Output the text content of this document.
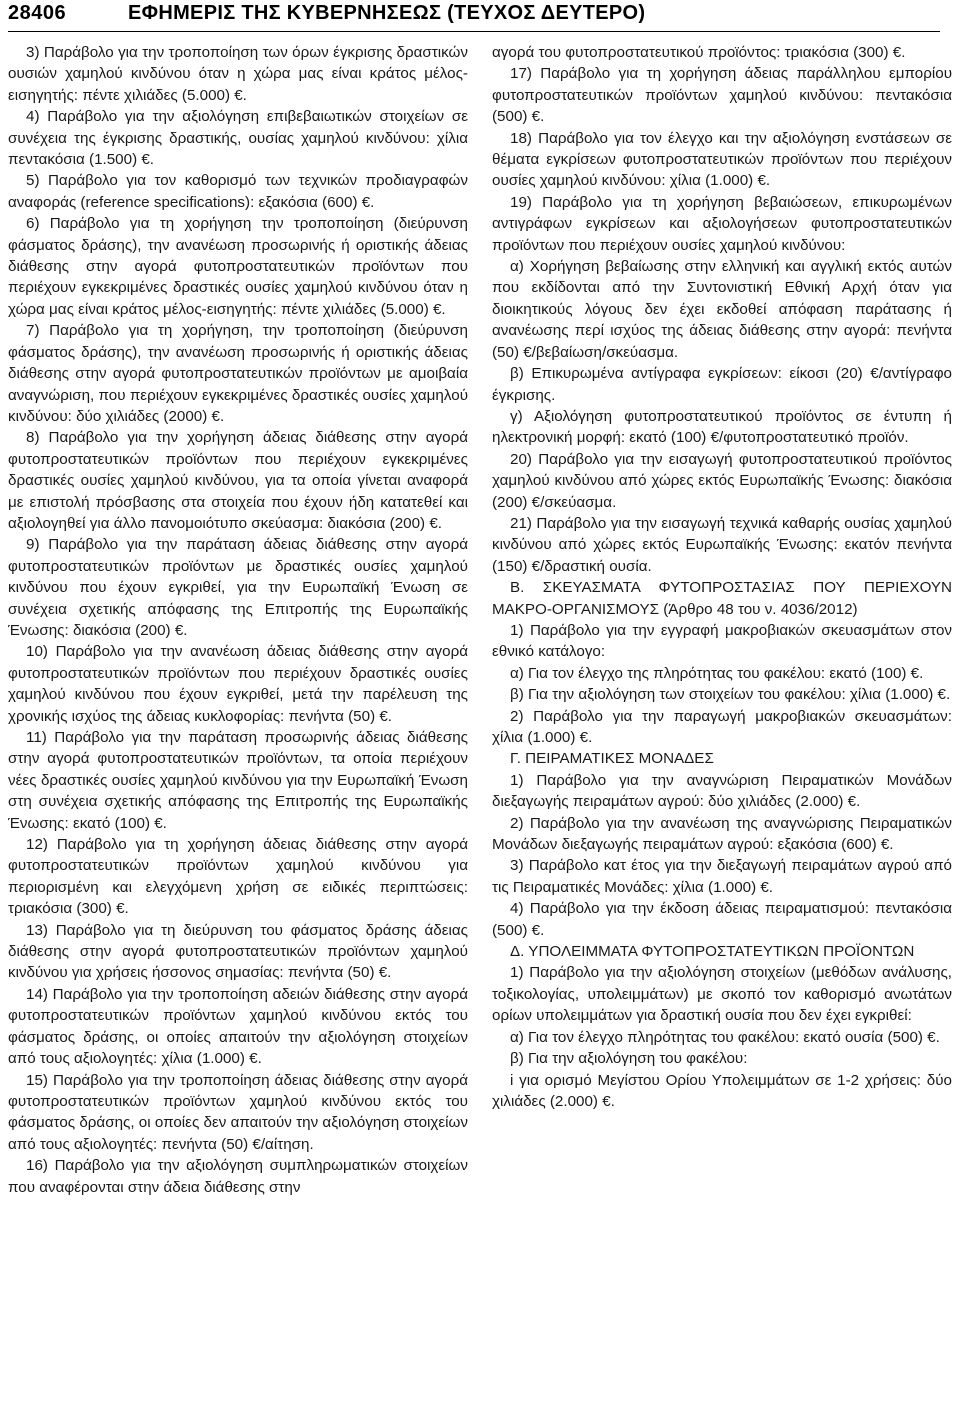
28406	ΕΦΗΜΕΡΙΣ ΤΗΣ ΚΥΒΕΡΝΗΣΕΩΣ (ΤΕΥΧΟΣ ΔΕΥΤΕΡΟ)

3) Παράβολο για την τροποποίηση των όρων έγκρισης δραστικών ουσιών χαμηλού κινδύνου όταν η χώρα μας είναι κράτος μέλος-εισηγητής: πέντε χιλιάδες (5.000) €.

4) Παράβολο για την αξιολόγηση επιβεβαιωτικών στοιχείων σε συνέχεια της έγκρισης δραστικής, ουσίας χαμηλού κινδύνου: χίλια πεντακόσια (1.500) €.

5) Παράβολο για τον καθορισμό των τεχνικών προδιαγραφών αναφοράς (reference specifications): εξακόσια (600) €.

6) Παράβολο για τη χορήγηση την τροποποίηση (διεύρυνση φάσματος δράσης), την ανανέωση προσωρινής ή οριστικής άδειας διάθεσης στην αγορά φυτοπροστατευτικών προϊόντων που περιέχουν εγκεκριμένες δραστικές ουσίες χαμηλού κινδύνου όταν η χώρα μας είναι κράτος μέλος-εισηγητής: πέντε χιλιάδες (5.000) €.

7) Παράβολο για τη χορήγηση, την τροποποίηση (διεύρυνση φάσματος δράσης), την ανανέωση προσωρινής ή οριστικής άδειας διάθεσης στην αγορά φυτοπροστατευτικών προϊόντων με αμοιβαία αναγνώριση, που περιέχουν εγκεκριμένες δραστικές ουσίες χαμηλού κινδύνου: δύο χιλιάδες (2000) €.

8) Παράβολο για την χορήγηση άδειας διάθεσης στην αγορά φυτοπροστατευτικών προϊόντων που περιέχουν εγκεκριμένες δραστικές ουσίες χαμηλού κινδύνου, για τα οποία γίνεται αναφορά με επιστολή πρόσβασης στα στοιχεία που έχουν ήδη κατατεθεί και αξιολογηθεί για άλλο πανομοιότυπο σκεύασμα: διακόσια (200) €.

9) Παράβολο για την παράταση άδειας διάθεσης στην αγορά φυτοπροστατευτικών προϊόντων με δραστικές ουσίες χαμηλού κινδύνου που έχουν εγκριθεί, για την Ευρωπαϊκή Ένωση σε συνέχεια σχετικής απόφασης της Επιτροπής της Ευρωπαϊκής Ένωσης: διακόσια (200) €.

10) Παράβολο για την ανανέωση άδειας διάθεσης στην αγορά φυτοπροστατευτικών προϊόντων που περιέχουν δραστικές ουσίες χαμηλού κινδύνου που έχουν εγκριθεί, μετά την παρέλευση της χρονικής ισχύος της άδειας κυκλοφορίας: πενήντα (50) €.

11) Παράβολο για την παράταση προσωρινής άδειας διάθεσης στην αγορά φυτοπροστατευτικών προϊόντων, τα οποία περιέχουν νέες δραστικές ουσίες χαμηλού κινδύνου για την Ευρωπαϊκή Ένωση στη συνέχεια σχετικής απόφασης της Επιτροπής της Ευρωπαϊκής Ένωσης: εκατό (100) €.

12) Παράβολο για τη χορήγηση άδειας διάθεσης στην αγορά φυτοπροστατευτικών προϊόντων χαμηλού κινδύνου για περιορισμένη και ελεγχόμενη χρήση σε ειδικές περιπτώσεις: τριακόσια (300) €.

13) Παράβολο για τη διεύρυνση του φάσματος δράσης άδειας διάθεσης στην αγορά φυτοπροστατευτικών προϊόντων χαμηλού κινδύνου για χρήσεις ήσσονος σημασίας: πενήντα (50) €.

14) Παράβολο για την τροποποίηση αδειών διάθεσης στην αγορά φυτοπροστατευτικών προϊόντων χαμηλού κινδύνου εκτός του φάσματος δράσης, οι οποίες απαιτούν την αξιολόγηση στοιχείων από τους αξιολογητές: χίλια (1.000) €.

15) Παράβολο για την τροποποίηση άδειας διάθεσης στην αγορά φυτοπροστατευτικών προϊόντων χαμηλού κινδύνου εκτός του φάσματος δράσης, οι οποίες δεν απαιτούν την αξιολόγηση στοιχείων από τους αξιολογητές: πενήντα (50) €/αίτηση.

16) Παράβολο για την αξιολόγηση συμπληρωματικών στοιχείων που αναφέρονται στην άδεια διάθεσης στην

αγορά του φυτοπροστατευτικού προϊόντος: τριακόσια (300) €.

17) Παράβολο για τη χορήγηση άδειας παράλληλου εμπορίου φυτοπροστατευτικών προϊόντων χαμηλού κινδύνου: πεντακόσια (500) €.

18) Παράβολο για τον έλεγχο και την αξιολόγηση ενστάσεων σε θέματα εγκρίσεων φυτοπροστατευτικών προϊόντων που περιέχουν ουσίες χαμηλού κινδύνου: χίλια (1.000) €.

19) Παράβολο για τη χορήγηση βεβαιώσεων, επικυρωμένων αντιγράφων εγκρίσεων και αξιολογήσεων φυτοπροστατευτικών προϊόντων που περιέχουν ουσίες χαμηλού κινδύνου:

α) Χορήγηση βεβαίωσης στην ελληνική και αγγλική εκτός αυτών που εκδίδονται από την Συντονιστική Εθνική Αρχή όταν για διοικητικούς λόγους δεν έχει εκδοθεί απόφαση παράτασης ή ανανέωσης περί ισχύος της άδειας διάθεσης στην αγορά: πενήντα (50) €/βεβαίωση/σκεύασμα.

β) Επικυρωμένα αντίγραφα εγκρίσεων: είκοσι (20) €/αντίγραφο έγκρισης.

γ) Αξιολόγηση φυτοπροστατευτικού προϊόντος σε έντυπη ή ηλεκτρονική μορφή: εκατό (100) €/φυτοπροστατευτικό προϊόν.

20) Παράβολο για την εισαγωγή φυτοπροστατευτικού προϊόντος χαμηλού κινδύνου από χώρες εκτός Ευρωπαϊκής Ένωσης: διακόσια (200) €/σκεύασμα.

21) Παράβολο για την εισαγωγή τεχνικά καθαρής ουσίας χαμηλού κινδύνου από χώρες εκτός Ευρωπαϊκής Ένωσης: εκατόν πενήντα (150) €/δραστική ουσία.

Β. ΣΚΕΥΑΣΜΑΤΑ ΦΥΤΟΠΡΟΣΤΑΣΙΑΣ ΠΟΥ ΠΕΡΙΕΧΟΥΝ ΜΑΚΡΟ-ΟΡΓΑΝΙΣΜΟΥΣ (Άρθρο 48 του ν. 4036/2012)

1) Παράβολο για την εγγραφή μακροβιακών σκευασμάτων στον εθνικό κατάλογο:

α) Για τον έλεγχο της πληρότητας του φακέλου: εκατό (100) €.

β) Για την αξιολόγηση των στοιχείων του φακέλου: χίλια (1.000) €.

2) Παράβολο για την παραγωγή μακροβιακών σκευασμάτων: χίλια (1.000) €.

Γ. ΠΕΙΡΑΜΑΤΙΚΕΣ ΜΟΝΑΔΕΣ

1) Παράβολο για την αναγνώριση Πειραματικών Μονάδων διεξαγωγής πειραμάτων αγρού: δύο χιλιάδες (2.000) €.

2) Παράβολο για την ανανέωση της αναγνώρισης Πειραματικών Μονάδων διεξαγωγής πειραμάτων αγρού: εξακόσια (600) €.

3) Παράβολο κατ έτος για την διεξαγωγή πειραμάτων αγρού από τις Πειραματικές Μονάδες: χίλια (1.000) €.

4) Παράβολο για την έκδοση άδειας πειραματισμού: πεντακόσια (500) €.

Δ. ΥΠΟΛΕΙΜΜΑΤΑ ΦΥΤΟΠΡΟΣΤΑΤΕΥΤΙΚΩΝ ΠΡΟΪΟΝΤΩΝ

1) Παράβολο για την αξιολόγηση στοιχείων (μεθόδων ανάλυσης, τοξικολογίας, υπολειμμάτων) με σκοπό τον καθορισμό ανωτάτων ορίων υπολειμμάτων για δραστική ουσία που δεν έχει εγκριθεί:

α) Για τον έλεγχο πληρότητας του φακέλου: εκατό ουσία (500) €.

β) Για την αξιολόγηση του φακέλου:

i για ορισμό Μεγίστου Ορίου Υπολειμμάτων σε 1-2 χρήσεις: δύο χιλιάδες (2.000) €.
